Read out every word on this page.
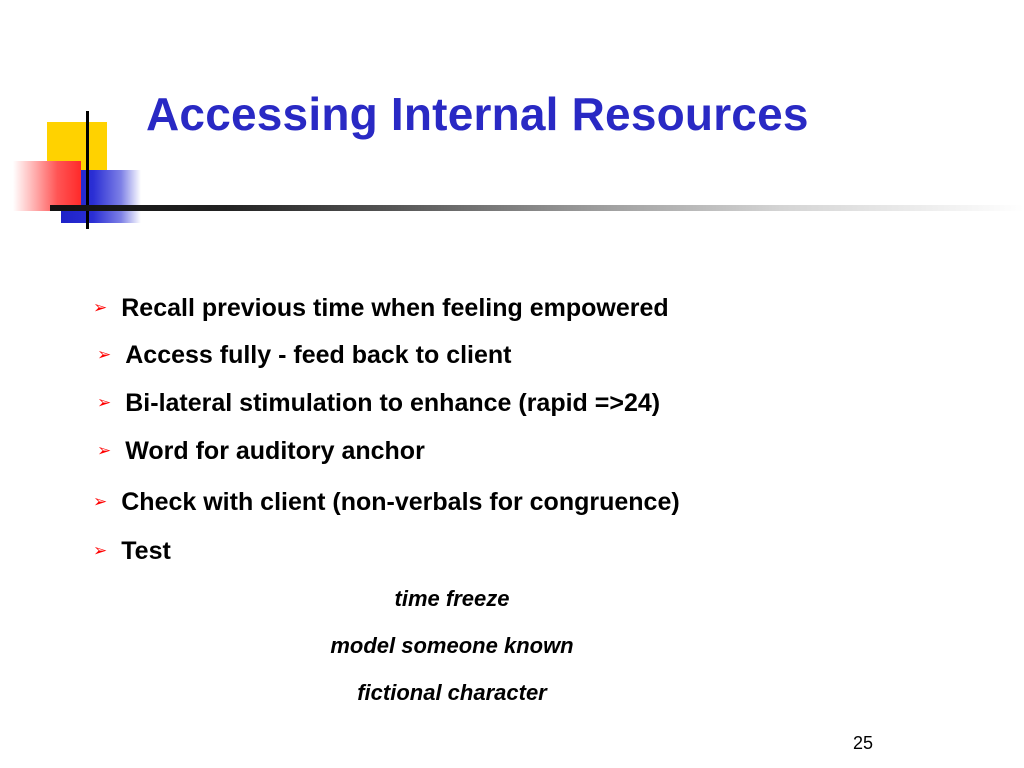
Accessing Internal Resources
➢ Recall previous time when feeling empowered
➢ Access fully - feed back to client
➢ Bi-lateral stimulation to enhance (rapid =>24)
➢ Word for auditory anchor
➢ Check with client (non-verbals for congruence)
➢ Test
time freeze
model someone known
fictional character
25
